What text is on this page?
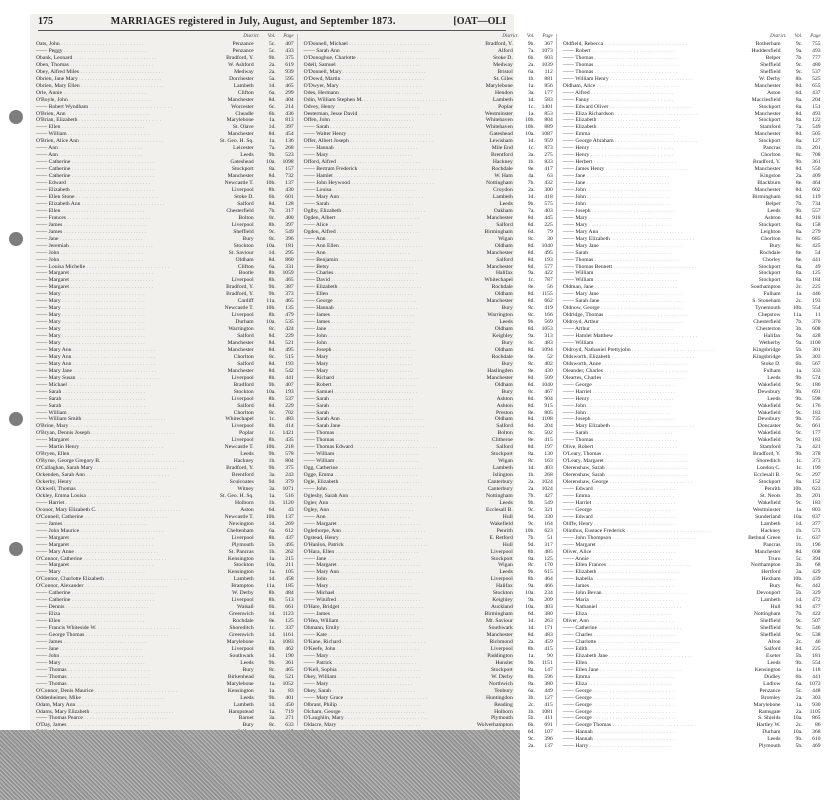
175	MARRIAGES registered in July, August, and September 1873.	[OAT—OLI
District. Vol. Page
Oats, John . . .	Penzance	5c.	407
—— Peggy . . .	Penzance	5c.	433
Obank, Leonard . . .	Bradford, Y.	9b.	375
Oben, Thomas . . .	W. Ashford	2a.	619
Obey, Alfred Miles . . .	Medway	2a.	939
Obrien, Jane Mary . . .	Dorchester	5a.	595
Obrien, Mary Ellen . . .	Lambeth	1d.	465
Orle, Annie . . .	Clifton	6a.	299
O'Boyle, John . . .	Manchester	8d.	404
—— Robert Wyndham . . .	Worcester	6c.	214
O'Brien, Ann . . .	Cheadle	6b.	436
O'Brian, Elizabeth . . .	Marylebone	1a.	813
—— Ellen . . .	St. Olave	1d.	397
—— William . . .	Manchester	8d.	454
O'Brien, Alice Ann . . .	St. Geo. H. Sq.	1a.	136
—— Ann . . .	Leicester	7a.	268
—— Ann . . .	Leeds	9b.	523
—— Catherine . . .	Gateshead	10a.	1098
—— Catherine . . .	Stockport	8a.	157
—— Catherine . . .	Manchester	8d.	732
—— Edward . . .	Newcastle T.	10b.	137
—— Elizabeth . . .	Liverpool	8b.	430
—— Ellen Stone . . .	Stoke D.	6b.	601
—— Elizabeth Ann . . .	Salford	8d.	128
—— Ellen . . .	Chesterfield	7b.	317
—— Frances . . .	Bolton	8c.	400
—— James . . .	Liverpool	8b.	397
—— James . . .	Sheffield	9c.	549
—— Jane . . .	Bury	8c.	396
—— Jeremiah . . .	Stockton	10a.	181
—— John . . .	St. Saviour	1d.	295
—— John . . .	Oldham	8d.	860
—— Louisa Michelle . . .	Clifton	6a.	331
—— Margaret . . .	Bootle	8b.	1059
—— Margaret . . .	Liverpool	8b.	465
—— Margaret . . .	Bradford, Y.	9b.	387
—— Mary . . .	Bradford, Y.	9b.	373
—— Mary . . .	Cardiff	11a.	465
—— Mary . . .	Newcastle T.	10b.	135
—— Mary . . .	Liverpool	8b.	479
—— Mary . . .	Durham	10a.	535
—— Mary . . .	Warrington	8c.	424
—— Mary . . .	Salford	8d.	229
—— Mary . . .	Manchester	8d.	521
—— Mary Ann . . .	Manchester	8d.	495
—— Mary Ann . . .	Chorlton	8c.	515
—— Mary Ann . . .	Salford	8d.	193
—— Mary Jane . . .	Manchester	8d.	542
—— Mary Susan . . .	Liverpool	8b.	441
—— Michael . . .	Bradford	9b.	407
—— Sarah . . .	Stockton	10a.	193
—— Sarah . . .	Liverpool	8b.	537
—— Sarah . . .	Salford	8d.	229
—— William . . .	Chorlton	8c.	702
—— William Smith . . .	Whitechapel	1c.	483
O'Brine, Mary . . .	Liverpool	8b.	414
O'Bryan, Dennis Joseph . . .	Poplar	1c.	1421
—— Margaret . . .	Liverpool	8b.	435
—— Martin Henry . . .	Newcastle T.	10b.	218
O'Bryen, Ellen . . .	Leeds	9b.	578
O'Byrne, George Gregory B. . . .	Hackney	1b.	804
O'Callaghan, Sarah Mary . . .	Bradford, Y.	9b.	375
Ockenden, Sarah Ann . . .	Brentford	3a.	243
Ockerby, Henry . . .	Sculcoates	9d.	379
Ockwell, Thomas . . .	Witney	3a.	1071
Ockley, Emma Louisa . . .	St. Geo. H. Sq.	1a.	516
—— Harriet . . .	Holborn	1b.	1120
Oconor, Mary Elizabeth C. . . .	Aston	6d.	43
O'Connell, Catherine . . .	Newcastle T.	10b.	137
—— James . . .	Newington	1d.	269
—— John Maurice . . .	Cheltenham	6a.	612
—— Margaret . . .	Liverpool	8b.	437
—— Margaret . . .	Plymouth	5b.	495
—— Mary Anne . . .	St. Pancras	1b.	262
O'Connor, Catherine . . .	Kensington	1a.	215
—— Margaret . . .	Stockton	10a.	211
—— Mary . . .	Kensington	1a.	105
O'Connor, Charlotte Elizabeth . . .	Lambeth	1d.	458
O'Connor, Alexander . . .	Brampton	11a.	185
—— Catherine . . .	W. Derby	8b.	484
—— Catherine . . .	Liverpool	8b.	513
—— Dennis . . .	Walsall	6b.	661
—— Eliza . . .	Greenwich	1d.	1123
—— Ellen . . .	Rochdale	8e.	125
—— Francis Whiteside W. . . .	Shoreditch	1c.	337
—— George Thomas . . .	Greenwich	1d.	1161
—— James . . .	Marylebone	1a.	1083
—— Jane . . .	Liverpool	8b.	462
—— John . . .	Southwark	1d.	190
—— Mary . . .	Leeds	9b.	361
—— Thomas . . .	Bury	8c.	465
—— Thomas . . .	Birkenhead	8a.	521
—— Thomas . . .	Marylebone	1a.	1052
O'Connor, Denis Maurice . . .	Kensington	1a.	83
Oddenheimer, Mike . . .	Leeds	9b.	401
Odam, Mary Ann . . .	Lambeth	1d.	450
Odams, Mary Elizabeth . . .	Hampstead	1a.	719
—— Thomas Pearce . . .	Barnet	3a.	271
O'Day, James . . .	Bury	8c.	633
. . .
. . .
. . .
. . .
. . .
. . .
. . .
District. Vol. Page
O'Donnell, Michael . . .	Bradford, Y.	9b.	367
—— Sarah Ann . . .	Alford	7a.	1073
O'Donoghue, Charlotte . . .	Stoke D.	6b.	603
Odell, Samuel . . .	Medway	2a.	1039
O'Donnell, Mary . . .	Bristol	6a.	112
O'Dowd, Martin . . .	St. Giles	1b.	881
O'Dwyer, Mary . . .	Marylebone	1a.	856
Odes, Hermann . . .	Hendon	3a.	177
Odin, William Stephen M. . . .	Lambeth	1d.	583
Odvey, Henry . . .	Poplar	1c.	1401
Oesterman, Jesse David . . .	Westminster	1a.	853
Offen, John . . .	Whitehaven	10b.	804
—— Sarah . . .	Whitehaven	10b.	889
—— Walter Henry . . .	Gateshead	10a.	1087
Offer, Albert Joseph . . .	Lewisham	1d.	959
—— Hannah . . .	Mile End	1c.	873
—— Mary . . .	Brentford	3a.	275
Offord, Alfred . . .	Hackney	1b.	833
—— Bertram Frederick . . .	Rochdale	8e.	417
—— Hamlet . . .	W. Ham	4a.	63
—— John Heywood . . .	Nottingham	7b.	432
—— Louisa . . .	Croydon	2a.	300
—— Mary Ann . . .	Lambeth	1d.	418
—— Sarah . . .	Leeds	9b.	575
Oglby, Elizabeth . . .	Oakham	7a.	403
Ogden, Albert . . .	Manchester	8d.	445
—— Alice . . .	Salford	8d.	225
Ogden, Alfred . . .	Birmingham	6d.	79
—— Ann . . .	Wigan	8c.	30
—— Ann Ellen . . .	Oldham	8d.	1040
—— Ann . . .	Manchester	8d.	495
—— Benjamin . . .	Salford	8d.	193
—— Betsy . . .	Manchester	8d.	577
—— Charles . . .	Halifax	9a.	422
—— David . . .	Whitechapel	1c.	787
—— Elizabeth . . .	Rochdale	8e.	56
—— Ellen . . .	Oldham	8d.	1155
—— George . . .	Manchester	8d.	662
—— Hannah . . .	Bury	8c.	419
—— James . . .	Warrington	8c.	166
—— James . . .	Leeds	9b.	569
—— Jane . . .	Oldham	8d.	1053
—— John . . .	Keighley	9a.	313
—— John . . .	Bury	8c.	483
—— Joseph . . .	Oldham	8d.	1094
—— Mary . . .	Rochdale	8e.	52
—— Mary . . .	Bury	8c.	402
—— Mary . . .	Haslingden	8e.	430
—— Richard . . .	Manchester	8d.	509
—— Robert . . .	Oldham	8d.	1040
—— Samuel . . .	Bury	8c.	467
—— Sarah . . .	Ashton	8d.	904
—— Sarah . . .	Ashton	8d.	915
—— Sarah . . .	Preston	8e.	805
—— Sarah Ann . . .	Oldham	8d.	1108
—— Sarah Jane . . .	Salford	8d.	204
—— Thomas . . .	Bolton	8c.	502
—— Thomas . . .	Clitheroe	8e.	415
—— Thomas Edward . . .	Salford	8d.	197
—— William . . .	Stockport	8a.	130
—— William . . .	Wigan	8c.	163
Ogg, Catherine . . .	Lambeth	1d.	403
Ogge, Emma . . .	Islington	1b.	268
Ogle, Elizabeth . . .	Canterbury	2a.	1024
—— John . . .	Canterbury	2a.	1024
Oglesby, Sarah Ann . . .	Nottingham	7b.	427
Ogier, Ann . . .	Leeds	9b.	549
Ogley, Ann . . .	Ecclesall B.	9c.	321
—— Ann . . .	Hull	9d.	330
—— Margaret . . .	Wakefield	9c.	164
Oglethorpe, Ann . . .	Penrith	10b.	623
Ogstead, Henry . . .	E. Retford	7b.	51
O'Hanlon, Patrick . . .	Hull	9d.	317
O'Hara, Ellen . . .	Liverpool	8b.	485
—— Jane . . .	Stockport	8a.	125
—— Margaret . . .	Wigan	8c.	170
—— Mary Ann . . .	Leeds	9b.	615
—— John . . .	Liverpool	8b.	464
—— Mary . . .	Halifax	9a.	466
—— Michael . . .	Stockton	10a.	234
—— Winifred . . .	Keighley	9a.	209
O'Hare, Bridget . . .	Auckland	10a.	403
—— James . . .	Birmingham	6d.	380
O'Hea, William . . .	Mt. Saviour	1d.	263
Ohmann, Emily . . .	Southwark	1d.	171
—— Kate . . .	Manchester	8d.	483
O'Kane, Richard . . .	Richmond	2a.	459
O'Keefe, John . . .	Liverpool	8b.	415
—— Mary . . .	Paddington	1a.	90
—— Patrick . . .	Hunslet	9b.	1151
O'Kell, Sophia . . .	Stockport	8a.	147
Okey, William . . .	W. Derby	8b.	596
—— Mary . . .	Northwich	8a.	380
Okey, Sarah . . .	Tenbury	6a.	449
—— Mary Grace . . .	Huntingdon	3b.	127
Olbrant, Philip . . .	Reading	2c.	415
Olcham, George . . .	Holborn	1b.	1081
O'Laughlin, Mary . . .	Plymouth	5b.	411
Oldacre, Mary . . .	Wolverhampton	6b.	691
. . .
6d.	107
. . .
9c.	396
. . .
2a.	137
District. Vol. Page
Oldfield, Rebecca . . .	Rotherham	9c.	755
—— Robert . . .	Huddersfield	9a.	493
—— Thomas . . .	Belper	7b.	777
—— Thomas . . .	Sheffield	9c.	480
—— Thomas . . .	Sheffield	9c.	537
—— William Henry . . .	W. Derby	8b.	525
Oldham, Alice . . .	Manchester	8d.	655
—— Alfred . . .	Aston	6d.	437
—— Fanny . . .	Macclesfield	8a.	204
—— Edward Oliver . . .	Stockport	8a.	151
—— Eliza Richardson . . .	Manchester	8d.	493
—— Elizabeth . . .	Stockport	8a.	122
—— Elizabeth . . .	Stamford	7a.	549
—— Emma . . .	Manchester	8d.	505
—— George Abraham . . .	Stockport	8a.	127
—— Henry . . .	Pancras	1b.	201
—— Henry . . .	Chorlton	8c.	708
—— Herbert . . .	Bradford, Y.	9b.	361
—— James Henry . . .	Manchester	8d.	550
—— Jane . . .	Kingston	2a.	409
—— Jane . . .	Blackburn	8e.	464
—— John . . .	Manchester	8d.	602
—— John . . .	Birmingham	6d.	119
—— John . . .	Belper	7b.	734
—— Joseph . . .	Leeds	9b.	557
—— Mary . . .	Ashton	8d.	918
—— Mary . . .	Stockport	8a.	158
—— Mary Ann . . .	Leighton	8a.	279
—— Mary Elizabeth . . .	Chorlton	8c.	685
—— Mary Jane . . .	Bury	8c.	425
—— Sarah . . .	Rochdale	8e.	54
—— Thomas . . .	Chorley	8e.	441
—— Thomas Bennett . . .	Stockport	8a.	49
—— William . . .	Stockport	8a.	125
—— William . . .	Stockport	8a.	184
Oldman, Jane . . .	Southampton	2c.	225
—— Mary Jane . . .	Fulham	1a.	446
—— Sarah Jane . . .	S. Stoneham	2c.	193
Oldnow, George . . .	Tynemouth	10b.	554
Oldridge, Thomas . . .	Chepstow	11a.	11
Oldroyd, Arthur . . .	Chesterfield	7b.	370
—— Arthur . . .	Chesterton	3b.	608
—— Hamlet Matthew . . .	Halifax	9a.	428
—— William . . .	Wetherby	9a.	1100
Oldroyd, Nathaniel Prettyjohn . . .	Kingsbridge	5b.	301
Oldsworth, Elizabeth . . .	Kingsbridge	5b.	303
Oldsworth, Anne . . .	Stoke D.	6b.	567
Oleander, Charles . . .	Fulham	1a.	333
Oleartes, Charles . . .	Leeds	9b.	574
—— George . . .	Wakefield	9c.	186
—— Harriet . . .	Dewsbury	9b.	691
—— Henry . . .	Leeds	9b.	598
—— John . . .	Wakefield	9c.	176
—— John . . .	Wakefield	9c.	183
—— Joseph . . .	Dewsbury	9b.	735
—— Mary Elizabeth . . .	Doncaster	9c.	661
—— Sarah . . .	Wakefield	9c.	177
—— Thomas . . .	Wakefield	9c.	183
Olive, Robert . . .	Stamford	7a.	421
O'Leary, Thomas . . .	Bradford, Y.	9b.	378
O'Leary, Margaret . . .	Shoreditch	1c.	373
Olerenshaw, Sarah . . .	London C.	1c.	199
Olerenshaw, Sarah . . .	Ecclesall B.	9c.	297
Olerenshaw, George . . .	Stockport	8a.	152
—— Edward . . .	Penrith	10b.	623
—— Emma . . .	St. Neots	3b.	201
—— Harriet . . .	Wakefield	9c.	183
—— George . . .	Westminster	1a.	803
—— Edward . . .	Sunderland	10a.	837
Oliffe, Henry . . .	Lambeth	1d.	377
Olinthus, Eustace Frederick . . .	Hackney	1b.	573
—— John Thompson . . .	Bethnal Green	1c.	637
—— Margaret . . .	Pancras	1b.	196
Oliver, Alice . . .	Manchester	8d.	608
—— Annie . . .	Truro	5c.	394
—— Ellen Frances . . .	Northampton	3b.	68
—— Elizabeth . . .	Hertford	3a.	429
—— Isabella . . .	Hexham	10b.	439
—— James . . .	Bury	8c.	442
—— John Bevan . . .	Devonport	5b.	329
—— Maria . . .	Lambeth	1d.	472
—— Nathaniel . . .	Hull	9d.	477
—— Eliza . . .	Nottingham	7b.	422
Oliver, Ann . . .	Sheffield	9c.	507
—— Catherine . . .	Sheffield	9c.	546
—— Charles . . .	Sheffield	9c.	538
—— Charlotte . . .	Alton	2c.	46
—— Edith . . .	Salford	8d.	225
—— Elizabeth Jane . . .	Exeter	5b.	181
—— Ellen . . .	Leeds	9b.	554
—— Ellen Jane . . .	Kensington	1a.	118
—— Emma . . .	Dudley	6b.	441
—— Eliza . . .	Ludlow	6a.	1073
—— George . . .	Penzance	5c.	448
—— George . . .	Bromley	2a.	303
—— George . . .	Marylebone	1a.	930
—— George . . .	Ramsgate	2a.	1105
—— George . . .	S. Shields	10a.	865
—— George Thomas . . .	Hartley W.	2c.	86
—— Hannah . . .	Durham	10a.	368
—— Hannah . . .	Leeds	9b.	610
—— Harry . . .	Plymouth	5b.	469
